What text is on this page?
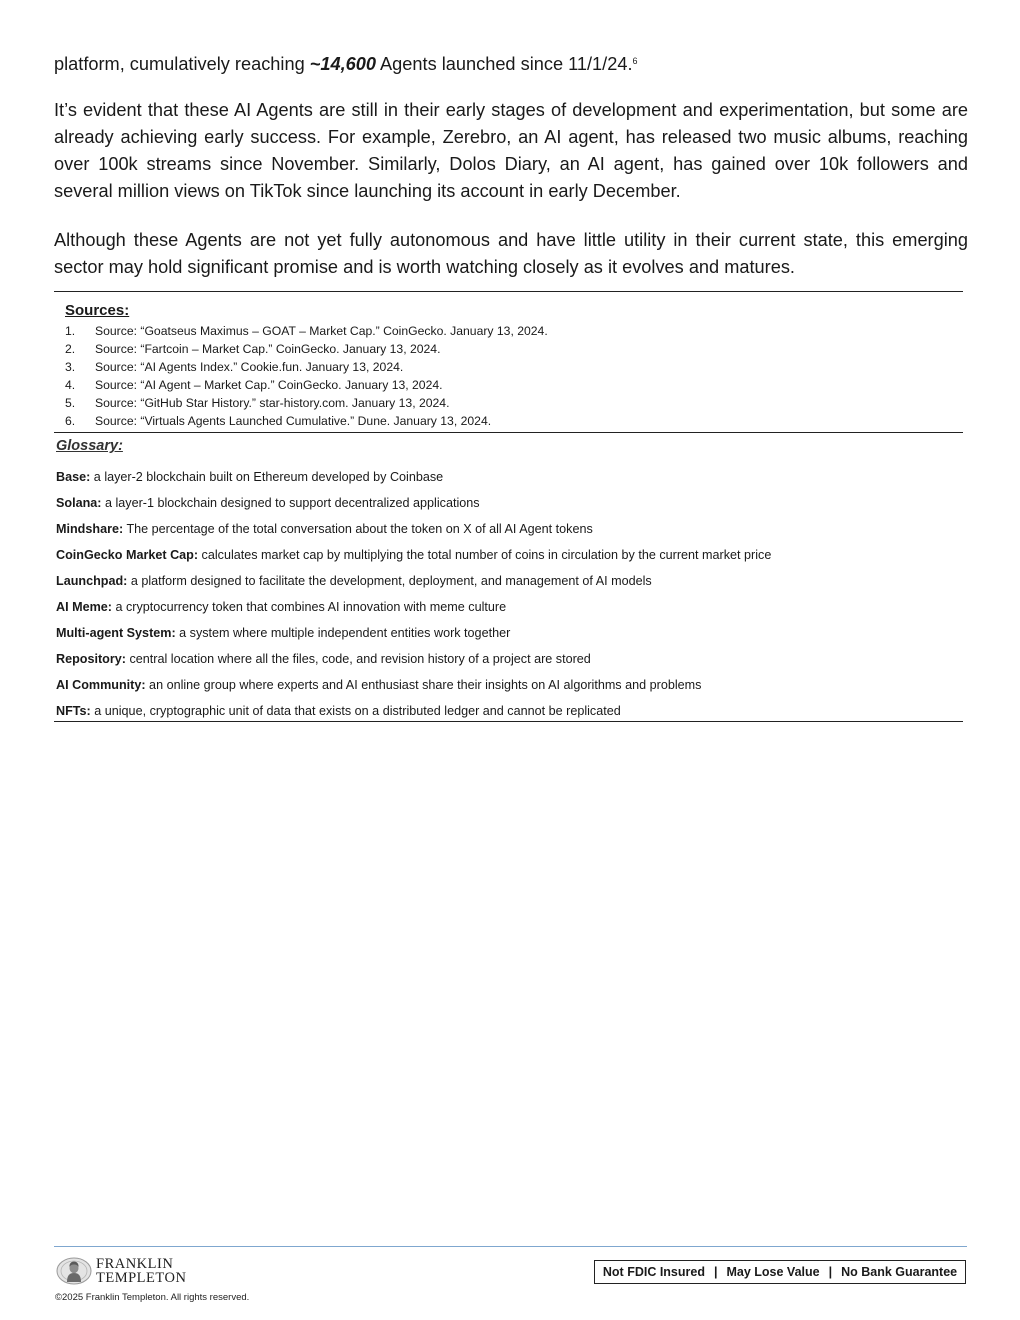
platform, cumulatively reaching ~14,600 Agents launched since 11/1/24.$^6$

It’s evident that these AI Agents are still in their early stages of development and experimentation, but some are already achieving early success. For example, Zerebro, an AI agent, has released two music albums, reaching over 100k streams since November. Similarly, Dolos Diary, an AI agent, has gained over 10k followers and several million views on TikTok since launching its account in early December.

Although these Agents are not yet fully autonomous and have little utility in their current state, this emerging sector may hold significant promise and is worth watching closely as it evolves and matures.

Sources:

1.	Source: “Goatseus Maximus – GOAT – Market Cap.” CoinGecko. January 13, 2024.
2.	Source: “Fartcoin – Market Cap.” CoinGecko. January 13, 2024.
3.	Source: “AI Agents Index.” Cookie.fun. January 13, 2024.
4.	Source: “AI Agent – Market Cap.” CoinGecko. January 13, 2024.
5.	Source: “GitHub Star History.” star-history.com. January 13, 2024.
6.	Source: “Virtuals Agents Launched Cumulative.” Dune. January 13, 2024.

Glossary:

Base: a layer-2 blockchain built on Ethereum developed by Coinbase
Solana: a layer-1 blockchain designed to support decentralized applications
Mindshare: The percentage of the total conversation about the token on X of all AI Agent tokens
CoinGecko Market Cap: calculates market cap by multiplying the total number of coins in circulation by the current market price
Launchpad: a platform designed to facilitate the development, deployment, and management of AI models
AI Meme: a cryptocurrency token that combines AI innovation with meme culture
Multi-agent System: a system where multiple independent entities work together
Repository: central location where all the files, code, and revision history of a project are stored
AI Community: an online group where experts and AI enthusiast share their insights on AI algorithms and problems
NFTs: a unique, cryptographic unit of data that exists on a distributed ledger and cannot be replicated
FRANKLIN
TEMPLETON

©2025 Franklin Templeton. All rights reserved.

Not FDIC Insured | May Lose Value | No Bank Guarantee
